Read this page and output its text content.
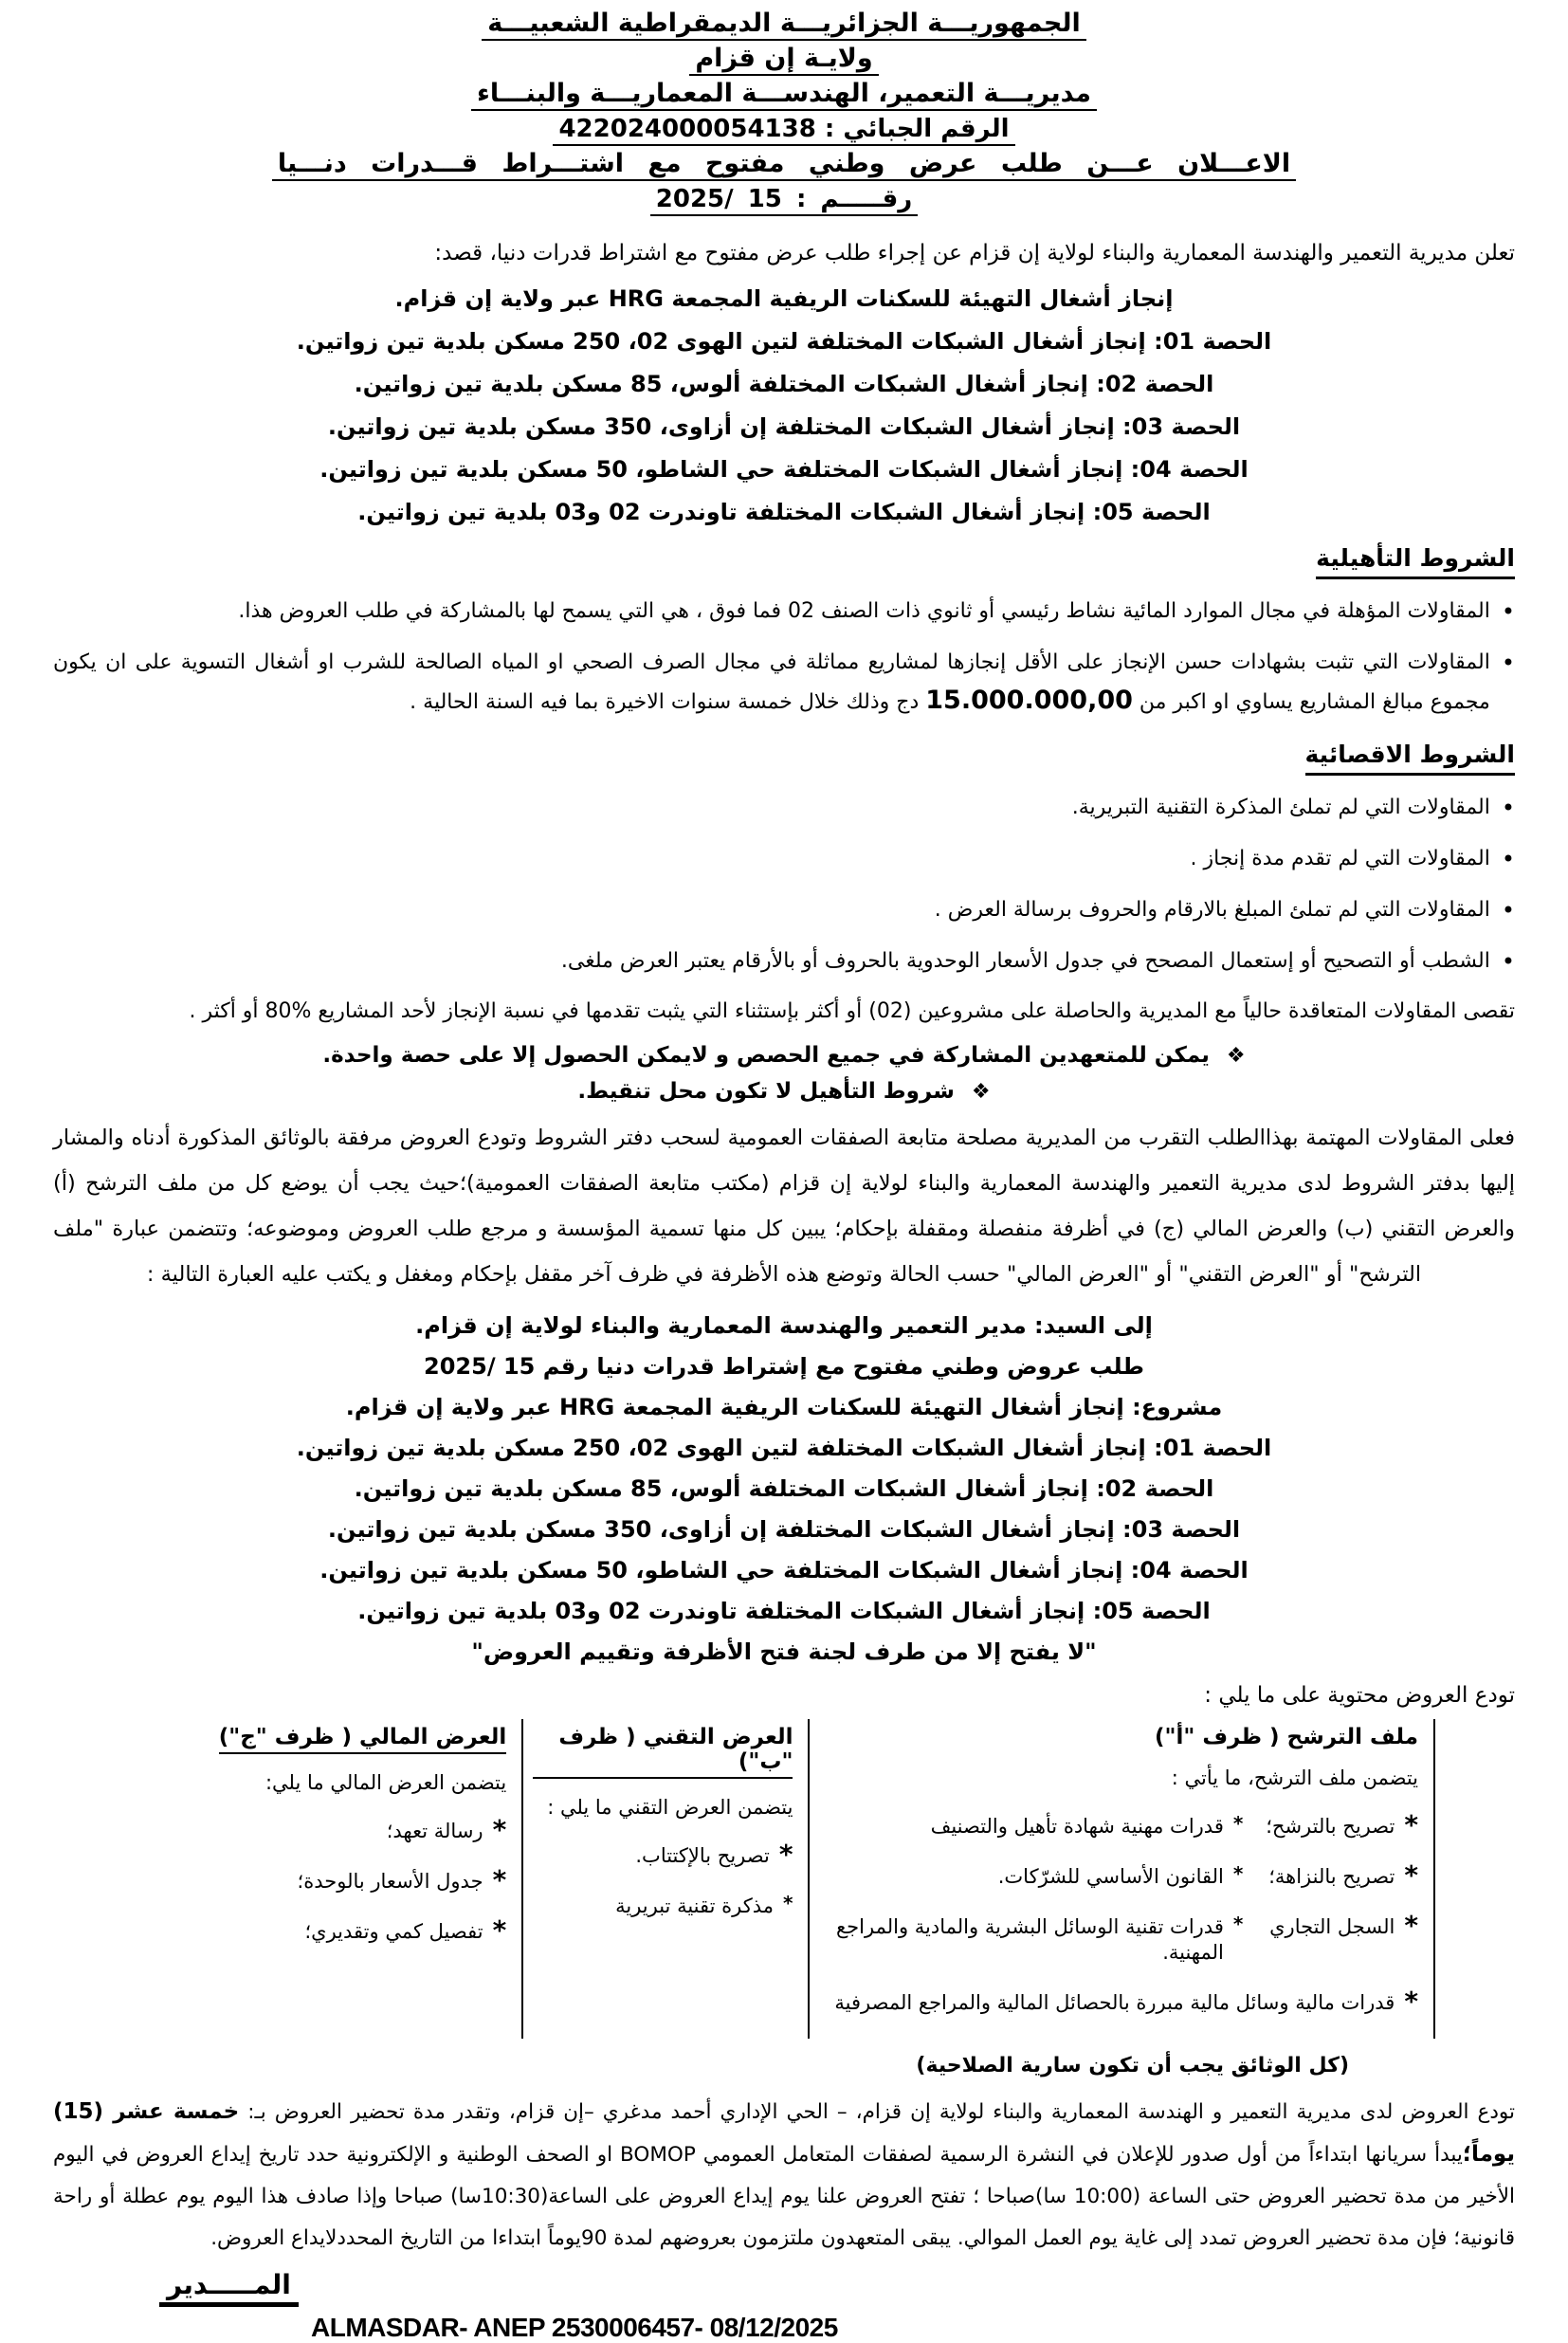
الجمهوريـــة الجزائريـــة الديمقراطية الشعبيـــة
ولايـة إن قزام
مديريـــة التعمير، الهندســـة المعماريـــة والبنـــاء
الرقم الجبائي : 422024000054138
الاعـــلان عـــن طلب عرض وطني مفتوح مع اشتـــراط قـــدرات دنـــيا
رقـــــم : 15 /2025

تعلن مديرية التعمير والهندسة المعمارية والبناء لولاية إن قزام عن إجراء طلب عرض مفتوح مع اشتراط قدرات دنيا، قصد:

إنجاز أشغال التهيئة للسكنات الريفية المجمعة HRG عبر ولاية إن قزام.
الحصة 01: إنجاز أشغال الشبكات المختلفة لتين الهوى 02، 250 مسكن بلدية تين زواتين.
الحصة 02: إنجاز أشغال الشبكات المختلفة ألوس، 85 مسكن بلدية تين زواتين.
الحصة 03: إنجاز أشغال الشبكات المختلفة إن أزاوى، 350 مسكن بلدية تين زواتين.
الحصة 04: إنجاز أشغال الشبكات المختلفة حي الشاطو، 50 مسكن بلدية تين زواتين.
الحصة 05: إنجاز أشغال الشبكات المختلفة تاوندرت 02 و03 بلدية تين زواتين.
الشروط التأهيلية
•
المقاولات المؤهلة في مجال الموارد المائية نشاط رئيسي أو ثانوي ذات الصنف 02 فما فوق ، هي التي يسمح لها بالمشاركة في طلب العروض هذا.
•
المقاولات التي تثبت بشهادات حسن الإنجاز على الأقل إنجازها لمشاريع مماثلة في مجال الصرف الصحي او المياه الصالحة للشرب او أشغال التسوية على ان يكون مجموع مبالغ المشاريع يساوي او اكبر من 15.000.000,00 دج وذلك خلال خمسة سنوات الاخيرة بما فيه السنة الحالية .
الشروط الاقصائية
•
المقاولات التي لم تملئ المذكرة التقنية التبريرية.
•
المقاولات التي لم تقدم مدة إنجاز .
•
المقاولات التي لم تملئ المبلغ بالارقام والحروف برسالة العرض .
•
الشطب أو التصحيح أو إستعمال المصحح في جدول الأسعار الوحدوية بالحروف أو بالأرقام يعتبر العرض ملغى.

تقصى المقاولات المتعاقدة حالياً مع المديرية والحاصلة على مشروعين (02) أو أكثر بإستثناء التي يثبت تقدمها في نسبة الإنجاز لأحد المشاريع %80 أو أكثر .

❖ يمكن للمتعهدين المشاركة في جميع الحصص و لايمكن الحصول إلا على حصة واحدة.
❖ شروط التأهيل لا تكون محل تنقيط.

فعلى المقاولات المهتمة بهذاالطلب التقرب من المديرية مصلحة متابعة الصفقات العمومية لسحب دفتر الشروط وتودع العروض مرفقة بالوثائق المذكورة أدناه والمشار إليها بدفتر الشروط لدى مديرية التعمير والهندسة المعمارية والبناء لولاية إن قزام (مكتب متابعة الصفقات العمومية)؛حيث يجب أن يوضع كل من ملف الترشح (أ) والعرض التقني (ب) والعرض المالي (ج) في أظرفة منفصلة ومقفلة بإحكام؛ يبين كل منها تسمية المؤسسة و مرجع طلب العروض وموضوعه؛ وتتضمن عبارة "ملف الترشح" أو "العرض التقني" أو "العرض المالي" حسب الحالة وتوضع هذه الأظرفة في ظرف آخر مقفل بإحكام ومغفل و يكتب عليه العبارة التالية :

إلى السيد: مدير التعمير والهندسة المعمارية والبناء لولاية إن قزام.
طلب عروض وطني مفتوح مع إشتراط قدرات دنيا رقم 15 /2025
مشروع: إنجاز أشغال التهيئة للسكنات الريفية المجمعة HRG عبر ولاية إن قزام.
الحصة 01: إنجاز أشغال الشبكات المختلفة لتين الهوى 02، 250 مسكن بلدية تين زواتين.
الحصة 02: إنجاز أشغال الشبكات المختلفة ألوس، 85 مسكن بلدية تين زواتين.
الحصة 03: إنجاز أشغال الشبكات المختلفة إن أزاوى، 350 مسكن بلدية تين زواتين.
الحصة 04: إنجاز أشغال الشبكات المختلفة حي الشاطو، 50 مسكن بلدية تين زواتين.
الحصة 05: إنجاز أشغال الشبكات المختلفة تاوندرت 02 و03 بلدية تين زواتين.
"لا يفتح إلا من طرف لجنة فتح الأظرفة وتقييم العروض"
تودع العروض محتوية على ما يلي :
ملف الترشح ( ظرف "أ")
يتضمن ملف الترشح، ما يأتي :
*
تصريح بالترشح؛
*
قدرات مهنية شهادة تأهيل والتصنيف
*
تصريح بالنزاهة؛
*
القانون الأساسي للشرّكات.
*
السجل التجاري
*
قدرات تقنية الوسائل البشرية والمادية والمراجع المهنية.
*
قدرات مالية وسائل مالية مبررة بالحصائل المالية والمراجع المصرفية
العرض التقني ( ظرف "ب")
يتضمن العرض التقني ما يلي :
*
تصريح بالإكتتاب.
*
مذكرة تقنية تبريرية
العرض المالي ( ظرف "ج")
يتضمن العرض المالي ما يلي:
*
رسالة تعهد؛
*
جدول الأسعار بالوحدة؛
*
تفصيل كمي وتقديري؛
(كل الوثائق يجب أن تكون سارية الصلاحية)

تودع العروض لدى مديرية التعمير و الهندسة المعمارية والبناء لولاية إن قزام، – الحي الإداري أحمد مدغري –إن قزام، وتقدر مدة تحضير العروض بـ: خمسة عشر (15) يوماً؛يبدأ سريانها ابتداءاً من أول صدور للإعلان في النشرة الرسمية لصفقات المتعامل العمومي BOMOP او الصحف الوطنية و الإلكترونية حدد تاريخ إيداع العروض في اليوم الأخير من مدة تحضير العروض حتى الساعة (10:00 سا)صباحا ؛ تفتح العروض علنا يوم إيداع العروض على الساعة(10:30سا) صباحا وإذا صادف هذا اليوم يوم عطلة أو راحة قانونية؛ فإن مدة تحضير العروض تمدد إلى غاية يوم العمل الموالي. يبقى المتعهدون ملتزمون بعروضهم لمدة 90يوماً ابتداءا من التاريخ المحددلايداع العروض.

المـــــدير
ALMASDAR- ANEP 2530006457- 08/12/2025
